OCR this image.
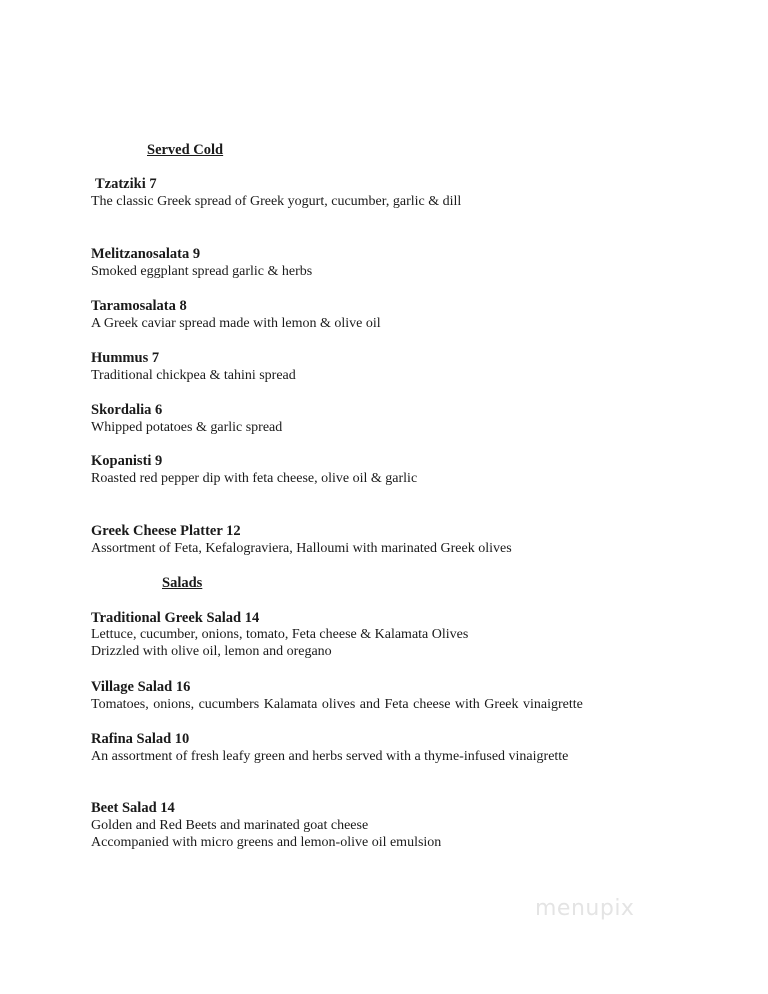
Served Cold
Tzatziki 7
The classic Greek spread of Greek yogurt, cucumber, garlic & dill
Melitzanosalata 9
Smoked eggplant spread garlic & herbs
Taramosalata 8
A Greek caviar spread made with lemon & olive oil
Hummus 7
Traditional chickpea & tahini spread
Skordalia 6
Whipped potatoes & garlic spread
Kopanisti 9
Roasted red pepper dip with feta cheese, olive oil & garlic
Greek Cheese Platter 12
Assortment of Feta, Kefalograviera, Halloumi with marinated Greek olives
Salads
Traditional Greek Salad 14
Lettuce, cucumber, onions, tomato, Feta cheese & Kalamata Olives
Drizzled with olive oil, lemon and oregano
Village Salad 16
Tomatoes, onions, cucumbers Kalamata olives and Feta cheese with Greek vinaigrette
Rafina Salad 10
An assortment of fresh leafy green and herbs served with a thyme-infused vinaigrette
Beet Salad 14
Golden and Red Beets and marinated goat cheese
Accompanied with micro greens and lemon-olive oil emulsion
menupix
